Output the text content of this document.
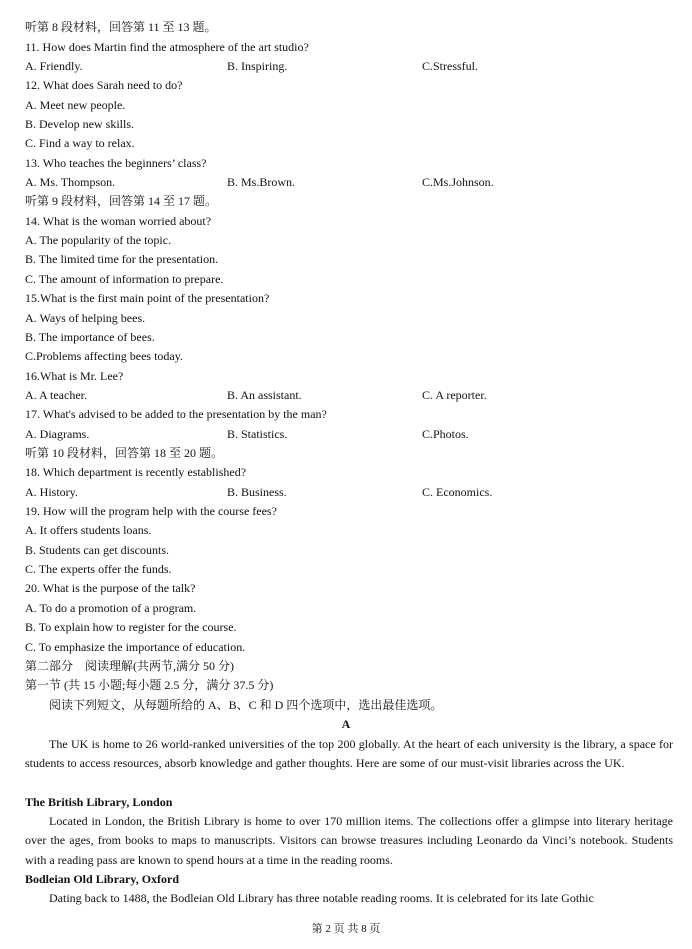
听第 8 段材料，回答第 11 至 13 题。
11. How does Martin find the atmosphere of the art studio?
A. Friendly.	B. Inspiring.	C.Stressful.
12. What does Sarah need to do?
A. Meet new people.
B. Develop new skills.
C. Find a way to relax.
13. Who teaches the beginners’ class?
A. Ms. Thompson.	B. Ms.Brown.	C.Ms.Johnson.
听第 9 段材料，回答第 14 至 17 题。
14. What is the woman worried about?
A. The popularity of the topic.
B. The limited time for the presentation.
C. The amount of information to prepare.
15.What is the first main point of the presentation?
A. Ways of helping bees.
B. The importance of bees.
C.Problems affecting bees today.
16.What is Mr. Lee?
A. A teacher.	B. An assistant.	C. A reporter.
17. What's advised to be added to the presentation by the man?
A. Diagrams.	B. Statistics.	C.Photos.
听第 10 段材料，回答第 18 至 20 题。
18. Which department is recently established?
A. History.	B. Business.	C. Economics.
19. How will the program help with the course fees?
A. It offers students loans.
B. Students can get discounts.
C. The experts offer the funds.
20. What is the purpose of the talk?
A. To do a promotion of a program.
B. To explain how to register for the course.
C. To emphasize the importance of education.
第二部分　阅读理解(共两节,满分 50 分)
第一节 (共 15 小题;每小题 2.5 分，满分 37.5 分)
阅读下列短文，从每题所给的 A、B、C 和 D 四个选项中，选出最佳选项。
A
The UK is home to 26 world-ranked universities of the top 200 globally. At the heart of each university is the library, a space for students to access resources, absorb knowledge and gather thoughts. Here are some of our must-visit libraries across the UK.
The British Library, London
Located in London, the British Library is home to over 170 million items. The collections offer a glimpse into literary heritage over the ages, from books to maps to manuscripts. Visitors can browse treasures including Leonardo da Vinci’s notebook. Students with a reading pass are known to spend hours at a time in the reading rooms.
Bodleian Old Library, Oxford
Dating back to 1488, the Bodleian Old Library has three notable reading rooms. It is celebrated for its late Gothic
第 2 页 共 8 页
